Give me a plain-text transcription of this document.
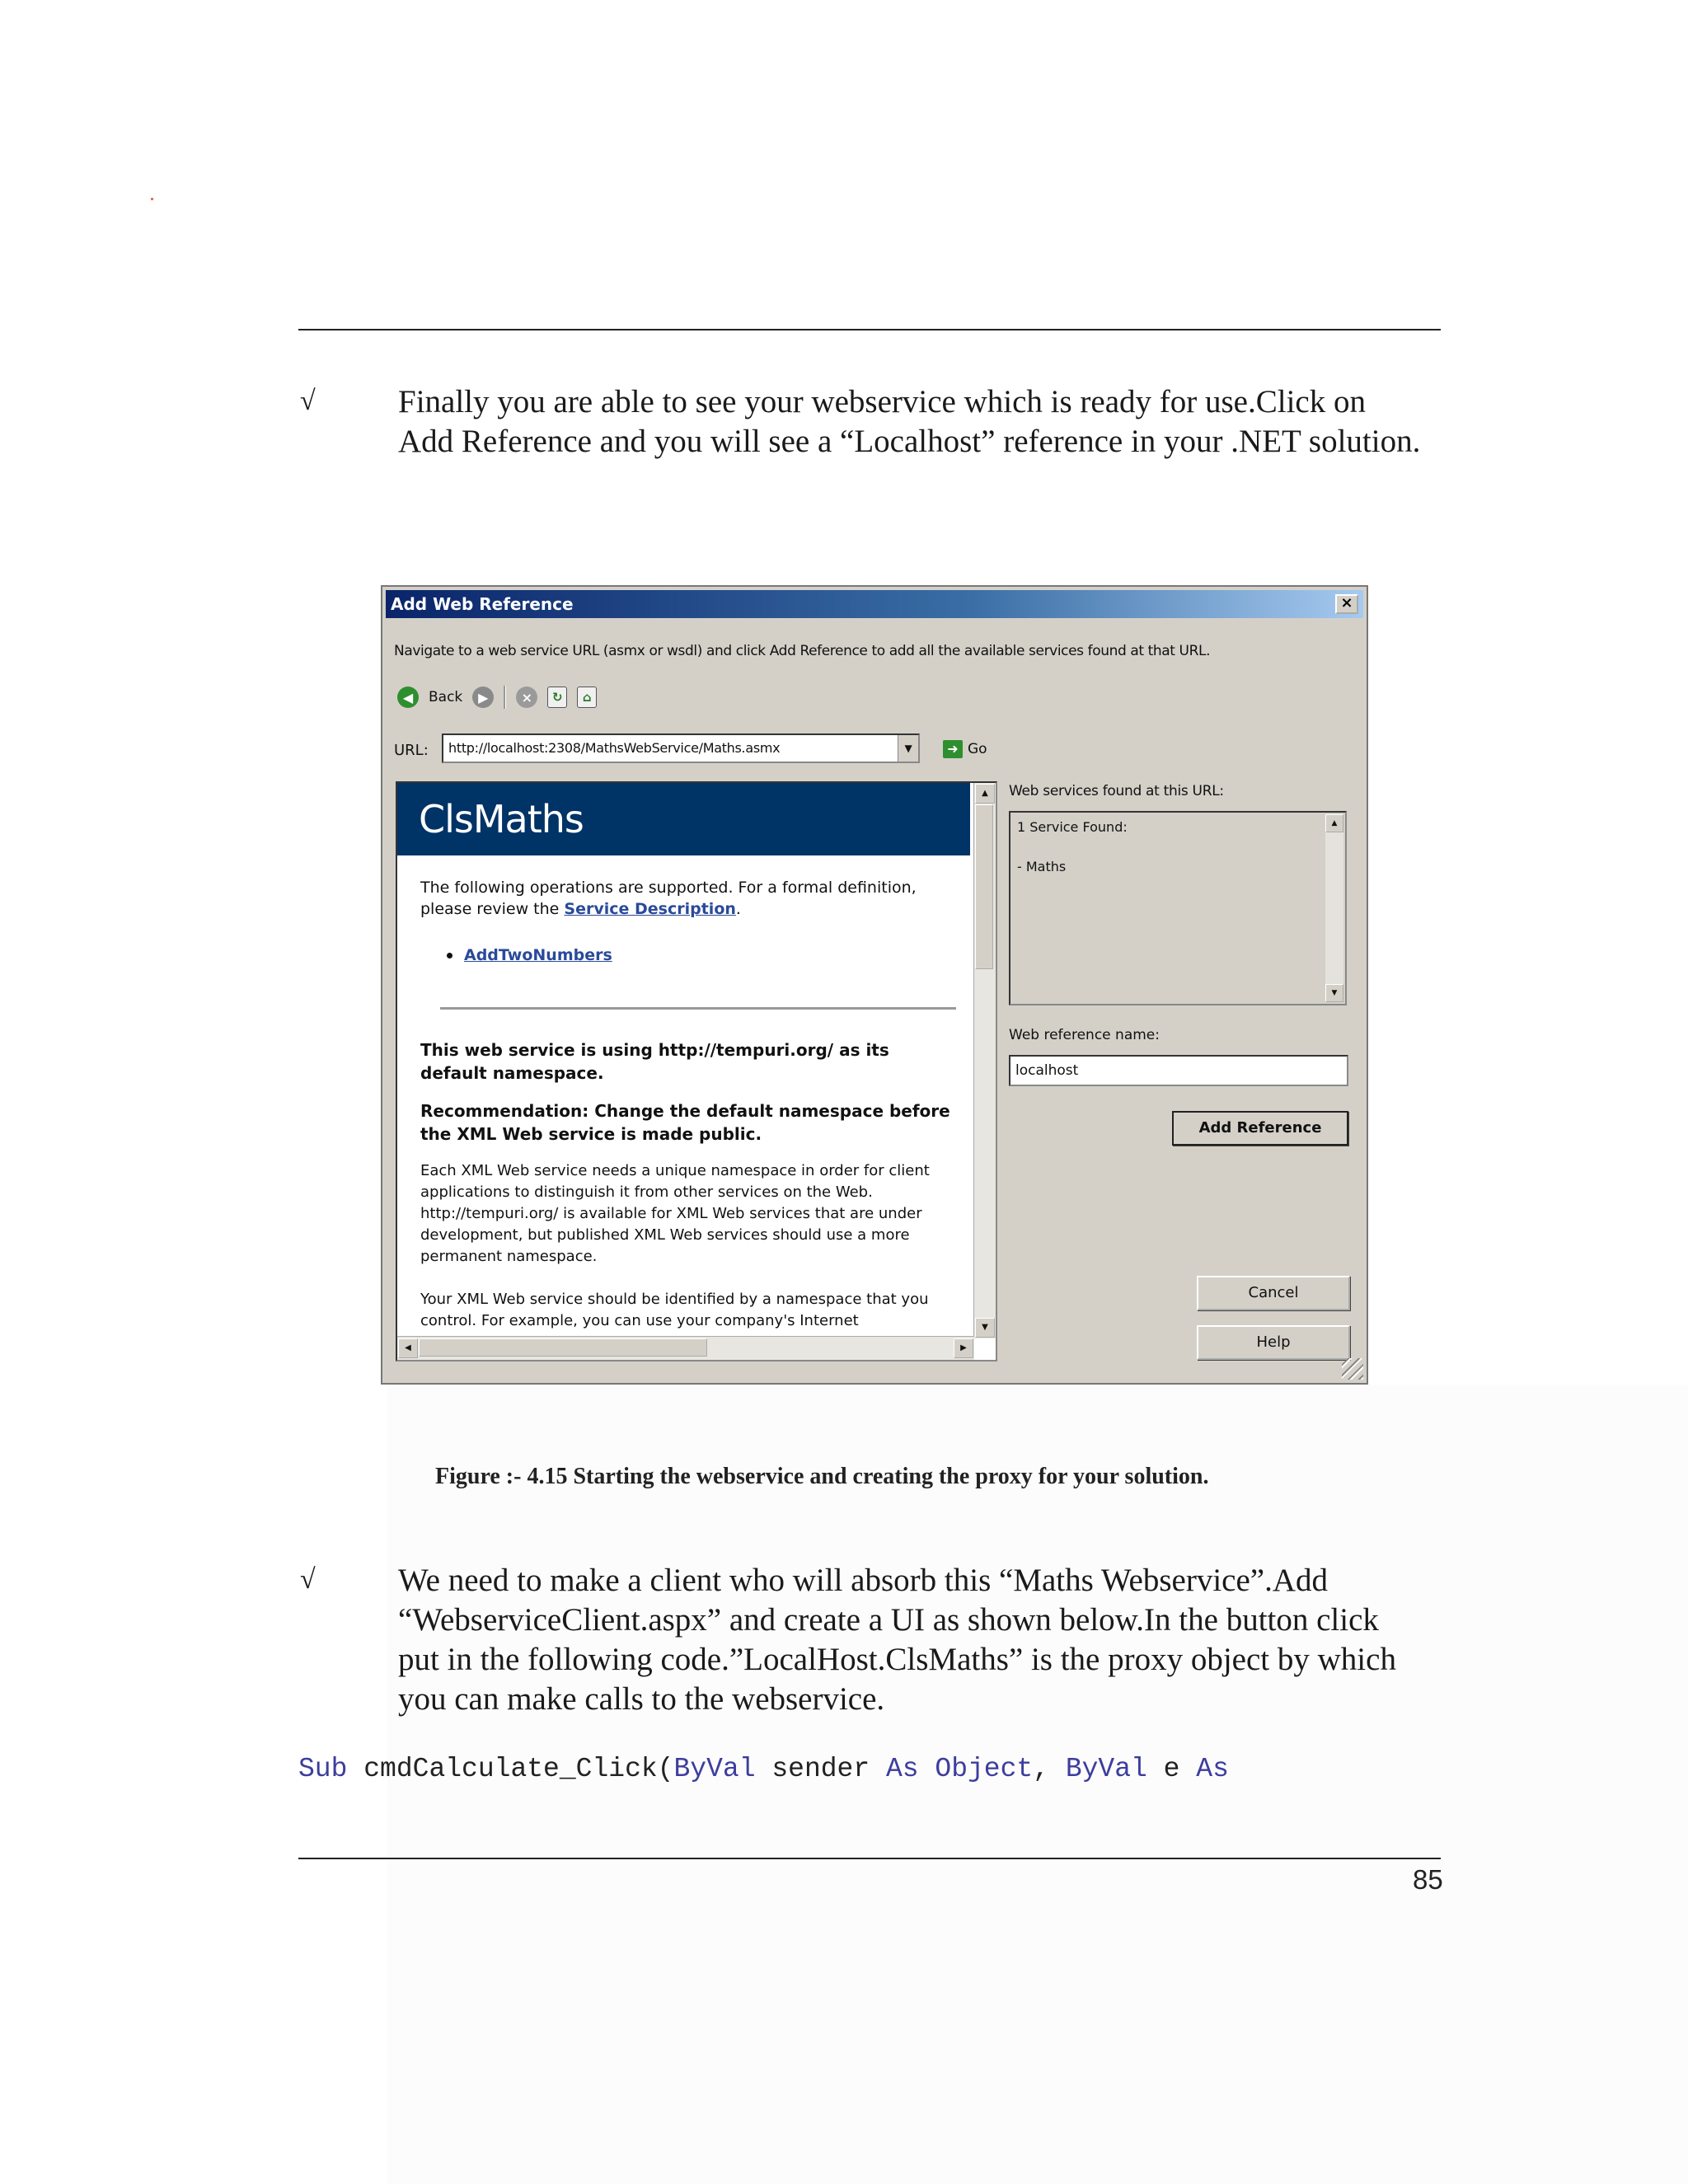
√	Finally you are able to see your webservice which is ready for use.Click on
Add Reference and you will see a “Localhost” reference in your .NET solution.

Add Web Reference	×
Navigate to a web service URL (asmx or wsdl) and click Add Reference to add all the available services found at that URL.
◀	Back	▶	×	↻	⌂
URL:	http://localhost:2308/MathsWebService/Maths.asmx	▼	➜ Go
ClsMaths

The following operations are supported. For a formal definition, please review the Service Description.

AddTwoNumbers

This web service is using http://tempuri.org/ as its default namespace.

Recommendation: Change the default namespace before the XML Web service is made public.

Each XML Web service needs a unique namespace in order for client applications to distinguish it from other services on the Web. http://tempuri.org/ is available for XML Web services that are under development, but published XML Web services should use a more permanent namespace.

Your XML Web service should be identified by a namespace that you control. For example, you can use your company's Internet

▲
▼
◀	▶
Web services found at this URL:
1 Service Found:
- Maths
▲
▼
Web reference name:
localhost
Add Reference
Cancel
Help

Figure :- 4.15 Starting the webservice and creating the proxy for your solution.

√	We need to make a client who will absorb this “Maths Webservice”.Add
“WebserviceClient.aspx” and create a UI as shown below.In the button click
put in the following code.”LocalHost.ClsMaths” is the proxy object by which
you can make calls to the webservice.

Sub cmdCalculate_Click(ByVal sender As Object, ByVal e As
85
